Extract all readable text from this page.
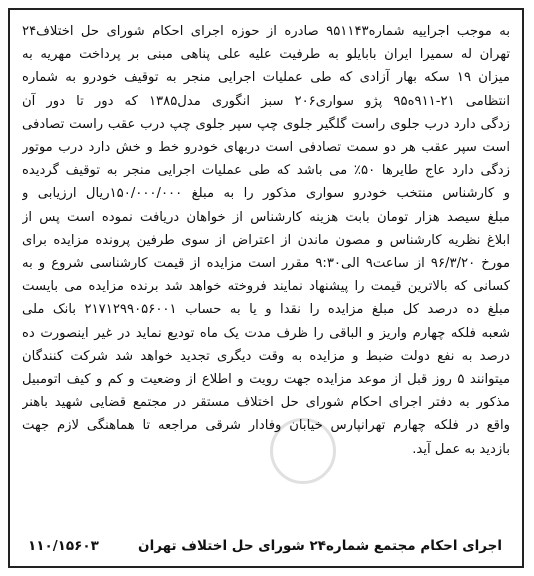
به موجب اجراییه شماره۹۵۱۱۴۳ صادره از حوزه اجرای احکام شورای حل اختلاف۲۴
تهران له سمیرا ایران بابایلو به طرفیت علیه علی پناهی مبنی بر پرداخت مهریه به
میزان ۱۹ سکه بهار آزادی که طی عملیات اجرایی منجر به توقیف خودرو به شماره
انتظامی ۲۱-۹۱۱ه۹۵ پژو سواری۲۰۶ سبز انگوری مدل۱۳۸۵ که دور تا دور آن
زدگی دارد درب جلوی راست گلگیر جلوی چپ سپر جلوی چپ درب عقب راست تصادفی
است سپر عقب هر دو سمت تصادفی است دربهای خودرو خط و خش دارد درب موتور
زدگی دارد عاج طایرها ۵۰٪ می باشد که طی عملیات اجرایی منجر به توقیف گردیده
و کارشناس منتخب خودرو سواری مذکور را به مبلغ ۱۵۰/۰۰۰/۰۰۰ریال ارزیابی و
مبلغ سیصد هزار تومان بابت هزینه کارشناس از خواهان دریافت نموده است پس از
ابلاغ نظریه کارشناس و مصون ماندن از اعتراض از سوی طرفین پرونده مزایده برای
مورخ ۹۶/۳/۲۰ از ساعت۹ الی۹:۳۰ مقرر است مزایده از قیمت کارشناسی شروع و به
کسانی که بالاترین قیمت را پیشنهاد نمایند فروخته خواهد شد برنده مزایده می بایست
مبلغ ده درصد کل مبلغ مزایده را نقدا و یا به حساب ۲۱۷۱۲۹۹۰۵۶۰۰۱ بانک ملی
شعبه فلکه چهارم واریز و الباقی را ظرف مدت یک ماه تودیع نماید در غیر اینصورت ده
درصد به نفع دولت ضبط و مزایده به وقت دیگری تجدید خواهد شد شرکت کنندگان
میتوانند ۵ روز قبل از موعد مزایده جهت رویت و اطلاع از وضعیت و کم و کیف اتومبیل
مذکور به دفتر اجرای احکام شورای حل اختلاف مستقر در مجتمع قضایی شهید باهنر
واقع در فلکه چهارم تهرانپارس خیابان وفادار شرقی مراجعه تا هماهنگی لازم جهت
بازدید به عمل آید.
اجرای احکام مجتمع شماره۲۴ شورای حل اختلاف تهران
۱۱۰/۱۵۶۰۳
